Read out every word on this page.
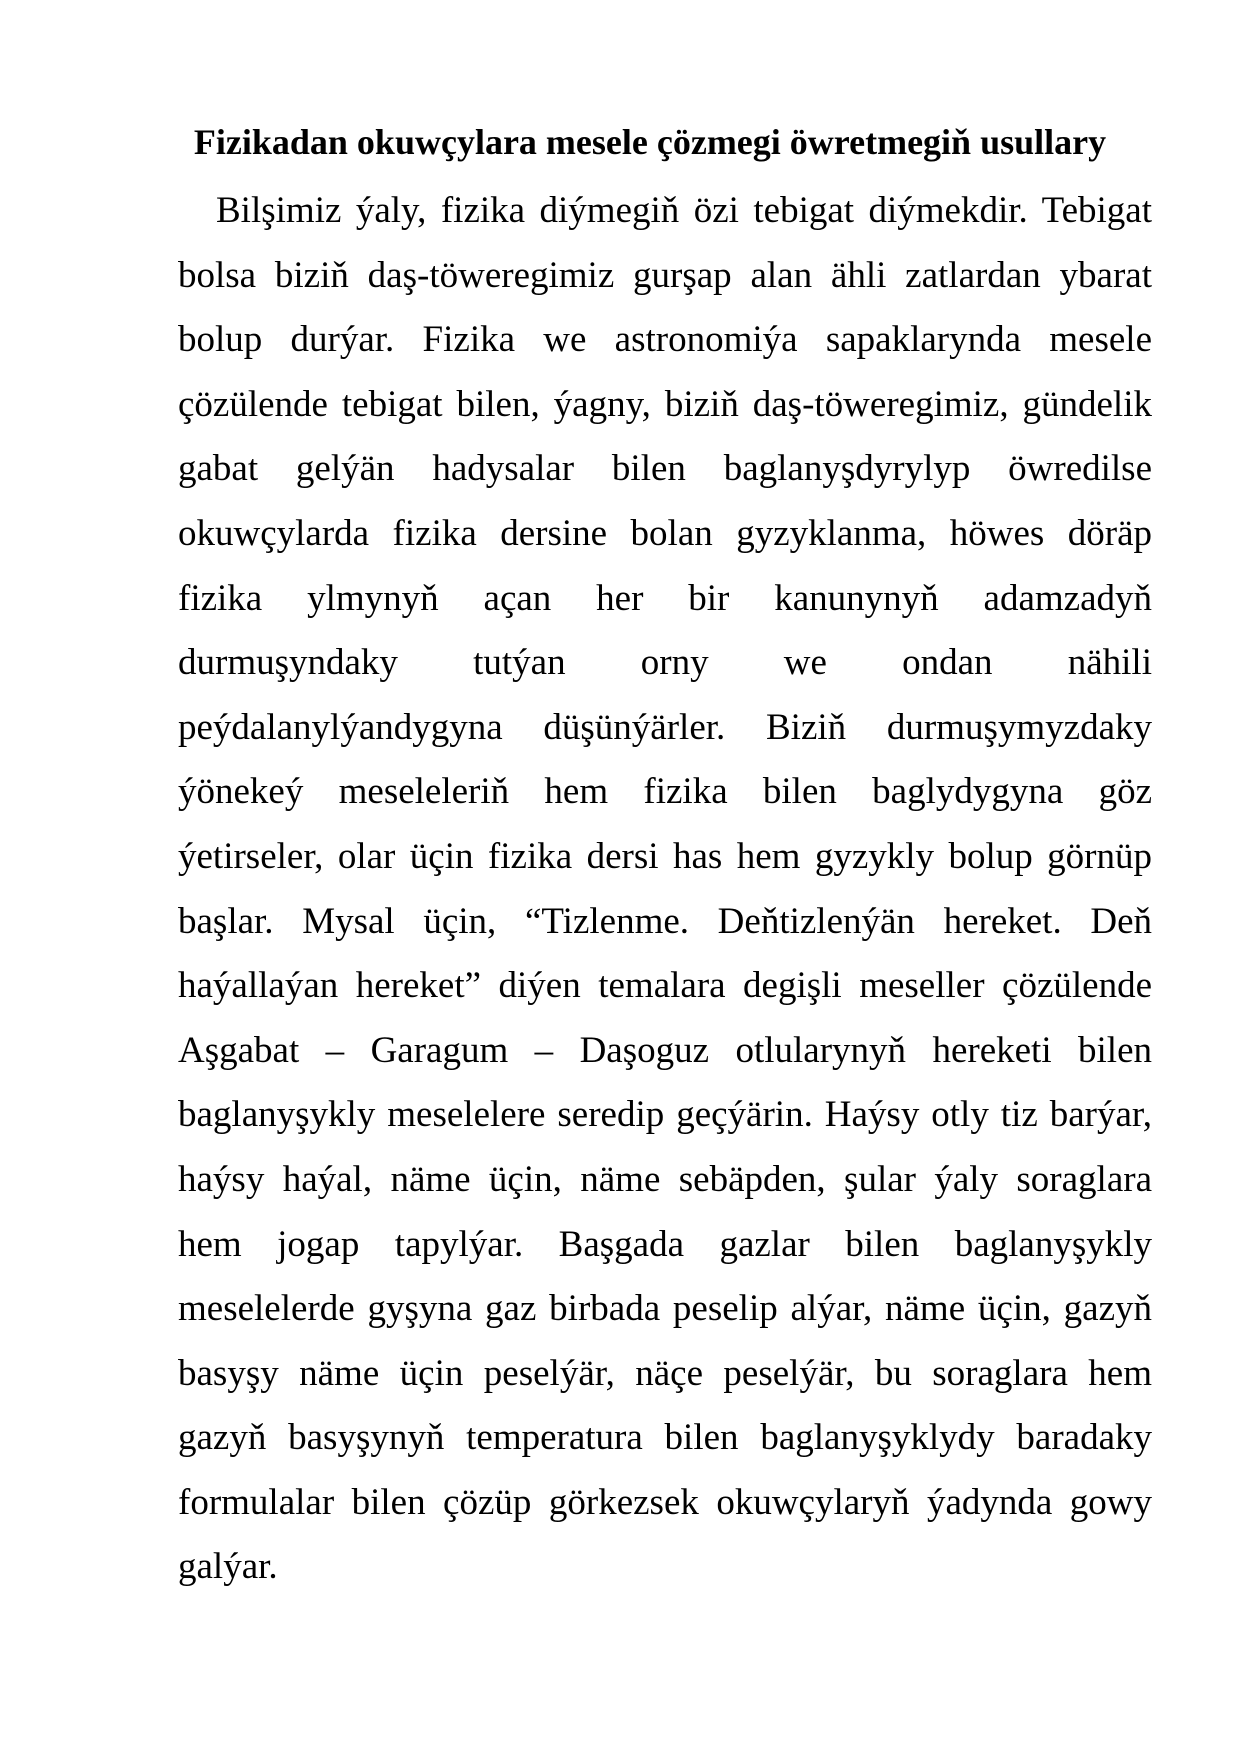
Fizikadan okuwçylara mesele çözmegi öwretmegiň usullary
Bilşimiz ýaly, fizika diýmegiň özi tebigat diýmekdir. Tebigat
bolsa biziň daş-töweregimiz gurşap alan ähli zatlardan ybarat
bolup durýar. Fizika we astronomiýa sapaklarynda mesele
çözülende tebigat bilen, ýagny, biziň daş-töweregimiz, gündelik
gabat gelýän hadysalar bilen baglanyşdyrylyp öwredilse
okuwçylarda fizika dersine bolan gyzyklanma, höwes döräp
fizika ylmynyň açan her bir kanunynyň adamzadyň
durmuşyndaky tutýan orny we ondan nähili
peýdalanylýandygyna düşünýärler. Biziň durmuşymyzdaky
ýönekeý meseleleriň hem fizika bilen baglydygyna göz
ýetirseler, olar üçin fizika dersi has hem gyzykly bolup görnüp
başlar. Mysal üçin, “Tizlenme. Deňtizlenýän hereket. Deň
haýallaýan hereket” diýen temalara degişli meseller çözülende
Aşgabat – Garagum – Daşoguz otlularynyň hereketi bilen
baglanyşykly meselelere seredip geçýärin. Haýsy otly tiz barýar,
haýsy haýal, näme üçin, näme sebäpden, şular ýaly soraglara
hem jogap tapylýar. Başgada gazlar bilen baglanyşykly
meselelerde gyşyna gaz birbada peselip alýar, näme üçin, gazyň
basyşy näme üçin peselýär, näçe peselýär, bu soraglara hem
gazyň basyşynyň temperatura bilen baglanyşyklydy baradaky
formulalar bilen çözüp görkezsek okuwçylaryň ýadynda gowy
galýar.
